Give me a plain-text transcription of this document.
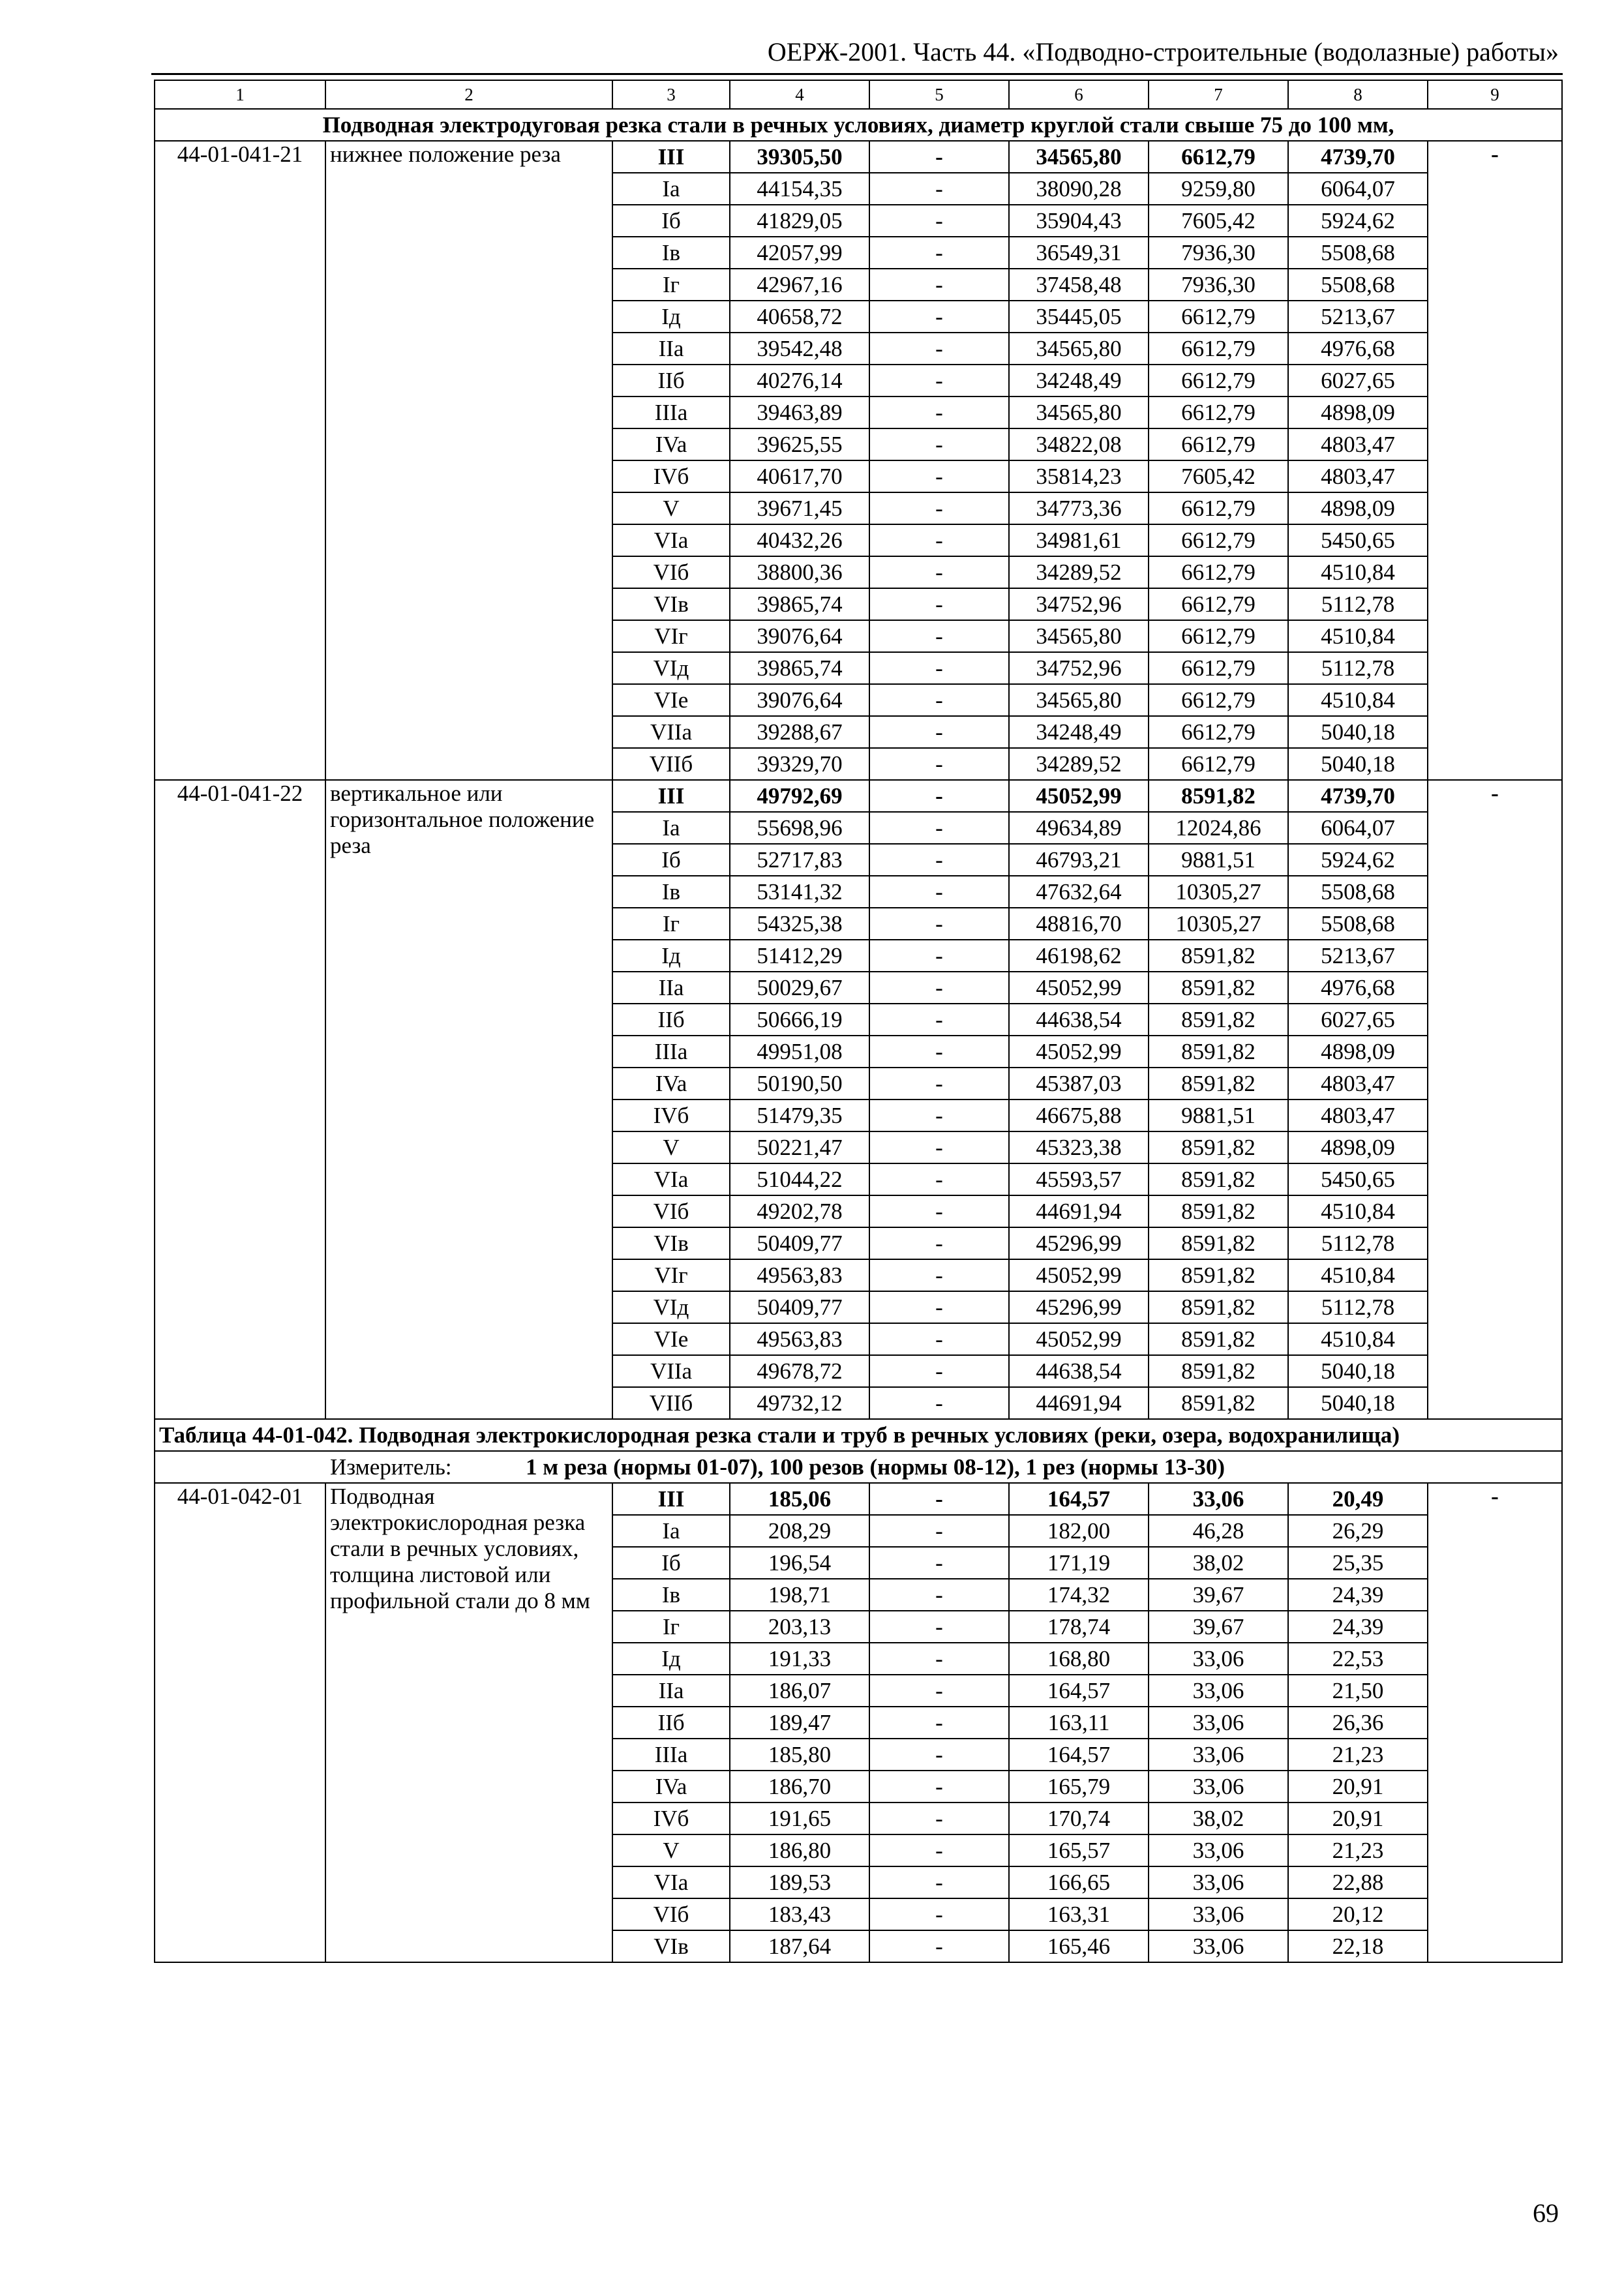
ОЕРЖ-2001. Часть 44. «Подводно-строительные (водолазные) работы»
1	2	3	4	5	6	7	8	9
Подводная электродуговая резка стали в речных условиях, диаметр круглой стали свыше 75 до 100 мм,								
44-01-041-21	нижнее положение реза	III	39305,50	-	34565,80	6612,79	4739,70	-
		Ia	44154,35	-	38090,28	9259,80	6064,07	
		Iб	41829,05	-	35904,43	7605,42	5924,62	
		Iв	42057,99	-	36549,31	7936,30	5508,68	
		Iг	42967,16	-	37458,48	7936,30	5508,68	
		Iд	40658,72	-	35445,05	6612,79	5213,67	
		IIa	39542,48	-	34565,80	6612,79	4976,68	
		IIб	40276,14	-	34248,49	6612,79	6027,65	
		IIIa	39463,89	-	34565,80	6612,79	4898,09	
		IVa	39625,55	-	34822,08	6612,79	4803,47	
		IVб	40617,70	-	35814,23	7605,42	4803,47	
		V	39671,45	-	34773,36	6612,79	4898,09	
		VIa	40432,26	-	34981,61	6612,79	5450,65	
		VIб	38800,36	-	34289,52	6612,79	4510,84	
		VIв	39865,74	-	34752,96	6612,79	5112,78	
		VIг	39076,64	-	34565,80	6612,79	4510,84	
		VIд	39865,74	-	34752,96	6612,79	5112,78	
		VIe	39076,64	-	34565,80	6612,79	4510,84	
		VIIa	39288,67	-	34248,49	6612,79	5040,18	
		VIIб	39329,70	-	34289,52	6612,79	5040,18	
44-01-041-22	вертикальное или горизонтальное положение реза	III	49792,69	-	45052,99	8591,82	4739,70	-
		Ia	55698,96	-	49634,89	12024,86	6064,07	
		Iб	52717,83	-	46793,21	9881,51	5924,62	
		Iв	53141,32	-	47632,64	10305,27	5508,68	
		Iг	54325,38	-	48816,70	10305,27	5508,68	
		Iд	51412,29	-	46198,62	8591,82	5213,67	
		IIa	50029,67	-	45052,99	8591,82	4976,68	
		IIб	50666,19	-	44638,54	8591,82	6027,65	
		IIIa	49951,08	-	45052,99	8591,82	4898,09	
		IVa	50190,50	-	45387,03	8591,82	4803,47	
		IVб	51479,35	-	46675,88	9881,51	4803,47	
		V	50221,47	-	45323,38	8591,82	4898,09	
		VIa	51044,22	-	45593,57	8591,82	5450,65	
		VIб	49202,78	-	44691,94	8591,82	4510,84	
		VIв	50409,77	-	45296,99	8591,82	5112,78	
		VIг	49563,83	-	45052,99	8591,82	4510,84	
		VIд	50409,77	-	45296,99	8591,82	5112,78	
		VIe	49563,83	-	45052,99	8591,82	4510,84	
		VIIa	49678,72	-	44638,54	8591,82	5040,18	
		VIIб	49732,12	-	44691,94	8591,82	5040,18	
Таблица 44-01-042. Подводная электрокислородная резка стали и труб в речных условиях (реки, озера, водохранилища)								
Измеритель: 1 м реза (нормы 01-07), 100 резов (нормы 08-12), 1 рез (нормы 13-30)								
44-01-042-01	Подводная электрокислородная резка стали в речных условиях, толщина листовой или профильной стали до 8 мм	III	185,06	-	164,57	33,06	20,49	-
		Ia	208,29	-	182,00	46,28	26,29	
		Iб	196,54	-	171,19	38,02	25,35	
		Iв	198,71	-	174,32	39,67	24,39	
		Iг	203,13	-	178,74	39,67	24,39	
		Iд	191,33	-	168,80	33,06	22,53	
		IIa	186,07	-	164,57	33,06	21,50	
		IIб	189,47	-	163,11	33,06	26,36	
		IIIa	185,80	-	164,57	33,06	21,23	
		IVa	186,70	-	165,79	33,06	20,91	
		IVб	191,65	-	170,74	38,02	20,91	
		V	186,80	-	165,57	33,06	21,23	
		VIa	189,53	-	166,65	33,06	22,88	
		VIб	183,43	-	163,31	33,06	20,12	
		VIв	187,64	-	165,46	33,06	22,18	
69
